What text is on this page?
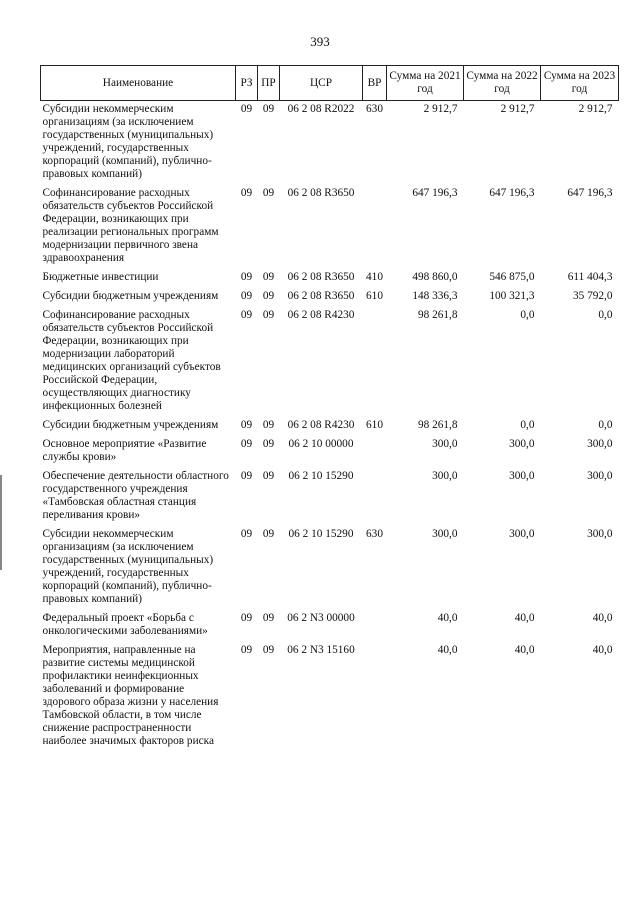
393
Наименование	РЗ	ПР	ЦСР	ВР	Сумма на 2021 год	Сумма на 2022 год	Сумма на 2023 год
Субсидии некоммерческим организациям (за исключением государственных (муниципальных) учреждений, государственных корпораций (компаний), публично-правовых компаний)	09	09	06 2 08 R2022	630	2 912,7	2 912,7	2 912,7
Софинансирование расходных обязательств субъектов Российской Федерации, возникающих при реализации региональных программ модернизации первичного звена здравоохранения	09	09	06 2 08 R3650		647 196,3	647 196,3	647 196,3
Бюджетные инвестиции	09	09	06 2 08 R3650	410	498 860,0	546 875,0	611 404,3
Субсидии бюджетным учреждениям	09	09	06 2 08 R3650	610	148 336,3	100 321,3	35 792,0
Софинансирование расходных обязательств субъектов Российской Федерации, возникающих при модернизации лабораторий медицинских организаций субъектов Российской Федерации, осуществляющих диагностику инфекционных болезней	09	09	06 2 08 R4230		98 261,8	0,0	0,0
Субсидии бюджетным учреждениям	09	09	06 2 08 R4230	610	98 261,8	0,0	0,0
Основное мероприятие «Развитие службы крови»	09	09	06 2 10 00000		300,0	300,0	300,0
Обеспечение деятельности областного государственного учреждения «Тамбовская областная станция переливания крови»	09	09	06 2 10 15290		300,0	300,0	300,0
Субсидии некоммерческим организациям (за исключением государственных (муниципальных) учреждений, государственных корпораций (компаний), публично-правовых компаний)	09	09	06 2 10 15290	630	300,0	300,0	300,0
Федеральный проект «Борьба с онкологическими заболеваниями»	09	09	06 2 N3 00000		40,0	40,0	40,0
Мероприятия, направленные на развитие системы медицинской профилактики неинфекционных заболеваний и формирование здорового образа жизни у населения Тамбовской области, в том числе снижение распространенности наиболее значимых факторов риска	09	09	06 2 N3 15160		40,0	40,0	40,0
